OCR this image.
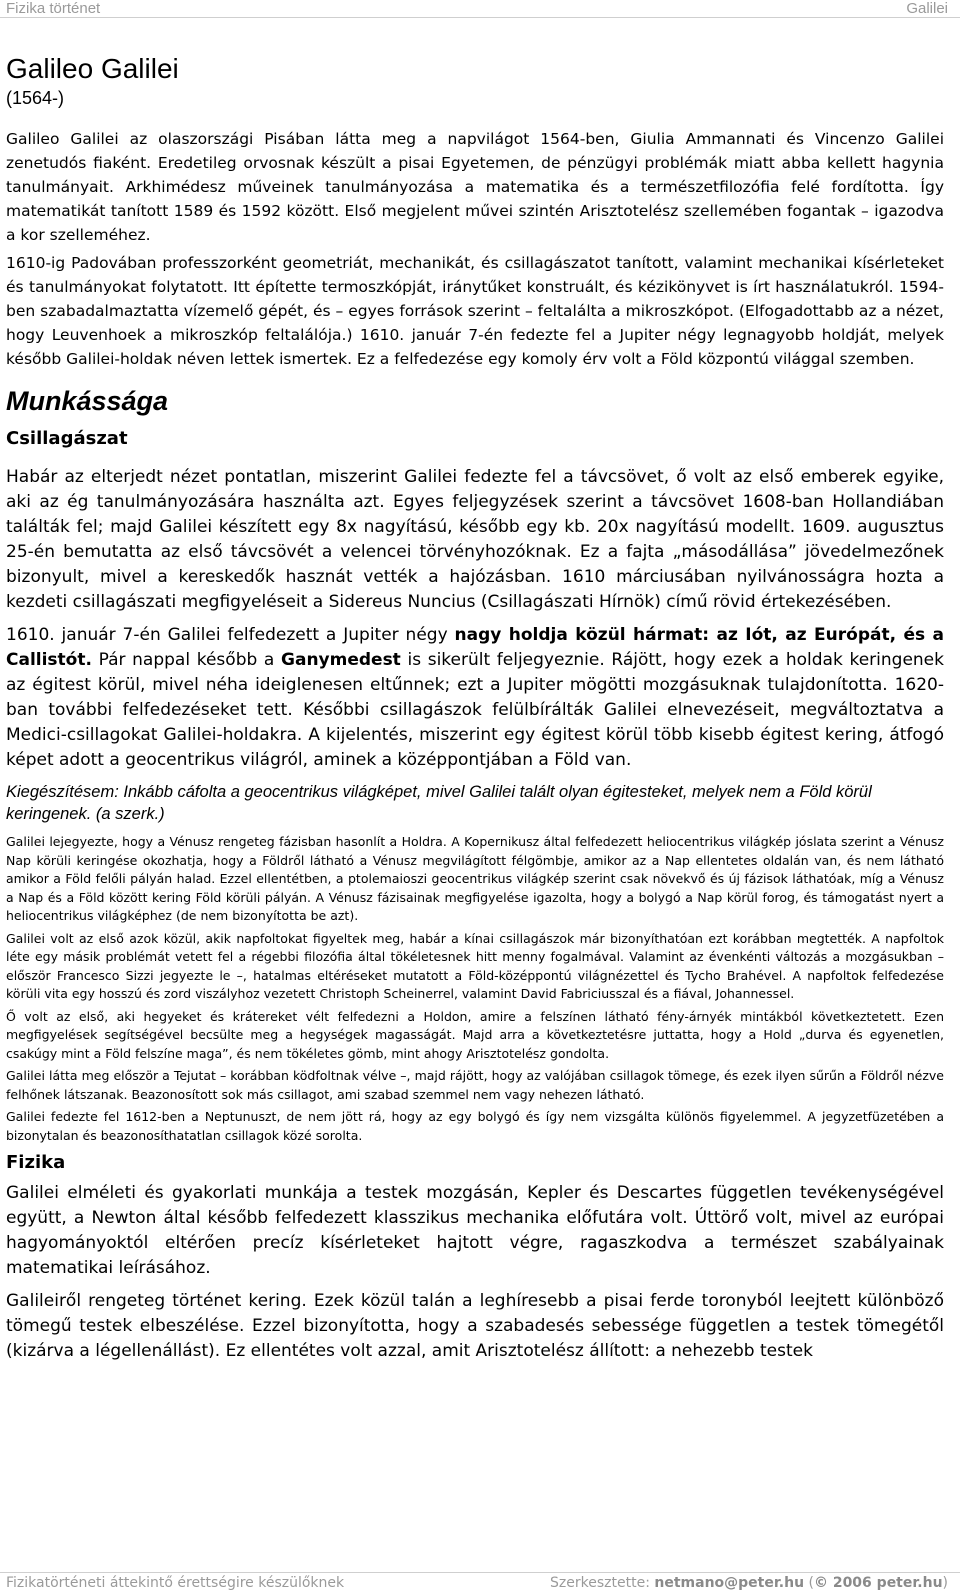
Fizika történet	Galilei
Galileo Galilei
(1564-)

Galileo Galilei az olaszországi Pisában látta meg a napvilágot 1564-ben, Giulia Ammannati és Vincenzo Galilei zenetudós fiaként. Eredetileg orvosnak készült a pisai Egyetemen, de pénzügyi problémák miatt abba kellett hagynia tanulmányait. Arkhimédesz műveinek tanulmányozása a matematika és a természetfilozófia felé fordította. Így matematikát tanított 1589 és 1592 között. Első megjelent művei szintén Arisztotelész szellemében fogantak – igazodva a kor szelleméhez.

1610-ig Padovában professzorként geometriát, mechanikát, és csillagászatot tanított, valamint mechanikai kísérleteket és tanulmányokat folytatott. Itt építette termoszkópját, iránytűket konstruált, és kézikönyvet is írt használatukról. 1594-ben szabadalmaztatta vízemelő gépét, és – egyes források szerint – feltalálta a mikroszkópot. (Elfogadottabb az a nézet, hogy Leuvenhoek a mikroszkóp feltalálója.) 1610. január 7-én fedezte fel a Jupiter négy legnagyobb holdját, melyek később Galilei-holdak néven lettek ismertek. Ez a felfedezése egy komoly érv volt a Föld központú világgal szemben.

Munkássága
Csillagászat

Habár az elterjedt nézet pontatlan, miszerint Galilei fedezte fel a távcsövet, ő volt az első emberek egyike, aki az ég tanulmányozására használta azt. Egyes feljegyzések szerint a távcsövet 1608-ban Hollandiában találták fel; majd Galilei készített egy 8x nagyítású, később egy kb. 20x nagyítású modellt. 1609. augusztus 25-én bemutatta az első távcsövét a velencei törvényhozóknak. Ez a fajta „másodállása” jövedelmezőnek bizonyult, mivel a kereskedők hasznát vették a hajózásban. 1610 márciusában nyilvánosságra hozta a kezdeti csillagászati megfigyeléseit a Sidereus Nuncius (Csillagászati Hírnök) című rövid értekezésében.

1610. január 7-én Galilei felfedezett a Jupiter négy nagy holdja közül hármat: az Iót, az Európát, és a Callistót. Pár nappal később a Ganymedest is sikerült feljegyeznie. Rájött, hogy ezek a holdak keringenek az égitest körül, mivel néha ideiglenesen eltűnnek; ezt a Jupiter mögötti mozgásuknak tulajdonította. 1620-ban további felfedezéseket tett. Későbbi csillagászok felülbírálták Galilei elnevezéseit, megváltoztatva a Medici-csillagokat Galilei-holdakra. A kijelentés, miszerint egy égitest körül több kisebb égitest kering, átfogó képet adott a geocentrikus világról, aminek a középpontjában a Föld van.

Kiegészítésem: Inkább cáfolta a geocentrikus világképet, mivel Galilei talált olyan égitesteket, melyek nem a Föld körül keringenek. (a szerk.)

Galilei lejegyezte, hogy a Vénusz rengeteg fázisban hasonlít a Holdra. A Kopernikusz által felfedezett heliocentrikus világkép jóslata szerint a Vénusz Nap körüli keringése okozhatja, hogy a Földről látható a Vénusz megvilágított félgömbje, amikor az a Nap ellentetes oldalán van, és nem látható amikor a Föld felőli pályán halad. Ezzel ellentétben, a ptolemaioszi geocentrikus világkép szerint csak növekvő és új fázisok láthatóak, míg a Vénusz a Nap és a Föld között kering Föld körüli pályán. A Vénusz fázisainak megfigyelése igazolta, hogy a bolygó a Nap körül forog, és támogatást nyert a heliocentrikus világképhez (de nem bizonyította be azt).

Galilei volt az első azok közül, akik napfoltokat figyeltek meg, habár a kínai csillagászok már bizonyíthatóan ezt korábban megtették. A napfoltok léte egy másik problémát vetett fel a régebbi filozófia által tökéletesnek hitt menny fogalmával. Valamint az évenkénti változás a mozgásukban – először Francesco Sizzi jegyezte le –, hatalmas eltéréseket mutatott a Föld-középpontú világnézettel és Tycho Brahével. A napfoltok felfedezése körüli vita egy hosszú és zord viszályhoz vezetett Christoph Scheinerrel, valamint David Fabriciusszal és a fiával, Johannessel.

Ő volt az első, aki hegyeket és krátereket vélt felfedezni a Holdon, amire a felszínen látható fény-árnyék mintákból következtetett. Ezen megfigyelések segítségével becsülte meg a hegységek magasságát. Majd arra a következtetésre juttatta, hogy a Hold „durva és egyenetlen, csakúgy mint a Föld felszíne maga”, és nem tökéletes gömb, mint ahogy Arisztotelész gondolta.

Galilei látta meg először a Tejutat – korábban ködfoltnak vélve –, majd rájött, hogy az valójában csillagok tömege, és ezek ilyen sűrűn a Földről nézve felhőnek látszanak. Beazonosított sok más csillagot, ami szabad szemmel nem vagy nehezen látható.

Galilei fedezte fel 1612-ben a Neptunuszt, de nem jött rá, hogy az egy bolygó és így nem vizsgálta különös figyelemmel. A jegyzetfüzetében a bizonytalan és beazonosíthatatlan csillagok közé sorolta.

Fizika

Galilei elméleti és gyakorlati munkája a testek mozgásán, Kepler és Descartes független tevékenységével együtt, a Newton által később felfedezett klasszikus mechanika előfutára volt. Úttörő volt, mivel az európai hagyományoktól eltérően precíz kísérleteket hajtott végre, ragaszkodva a természet szabályainak matematikai leírásához.

Galileiről rengeteg történet kering. Ezek közül talán a leghíresebb a pisai ferde toronyból leejtett különböző tömegű testek elbeszélése. Ezzel bizonyította, hogy a szabadesés sebessége független a testek tömegétől (kizárva a légellenállást). Ez ellentétes volt azzal, amit Arisztotelész állított: a nehezebb testek

Fizikatörténeti áttekintő érettségire készülőknek	Szerkesztette: netmano@peter.hu (© 2006 peter.hu)
